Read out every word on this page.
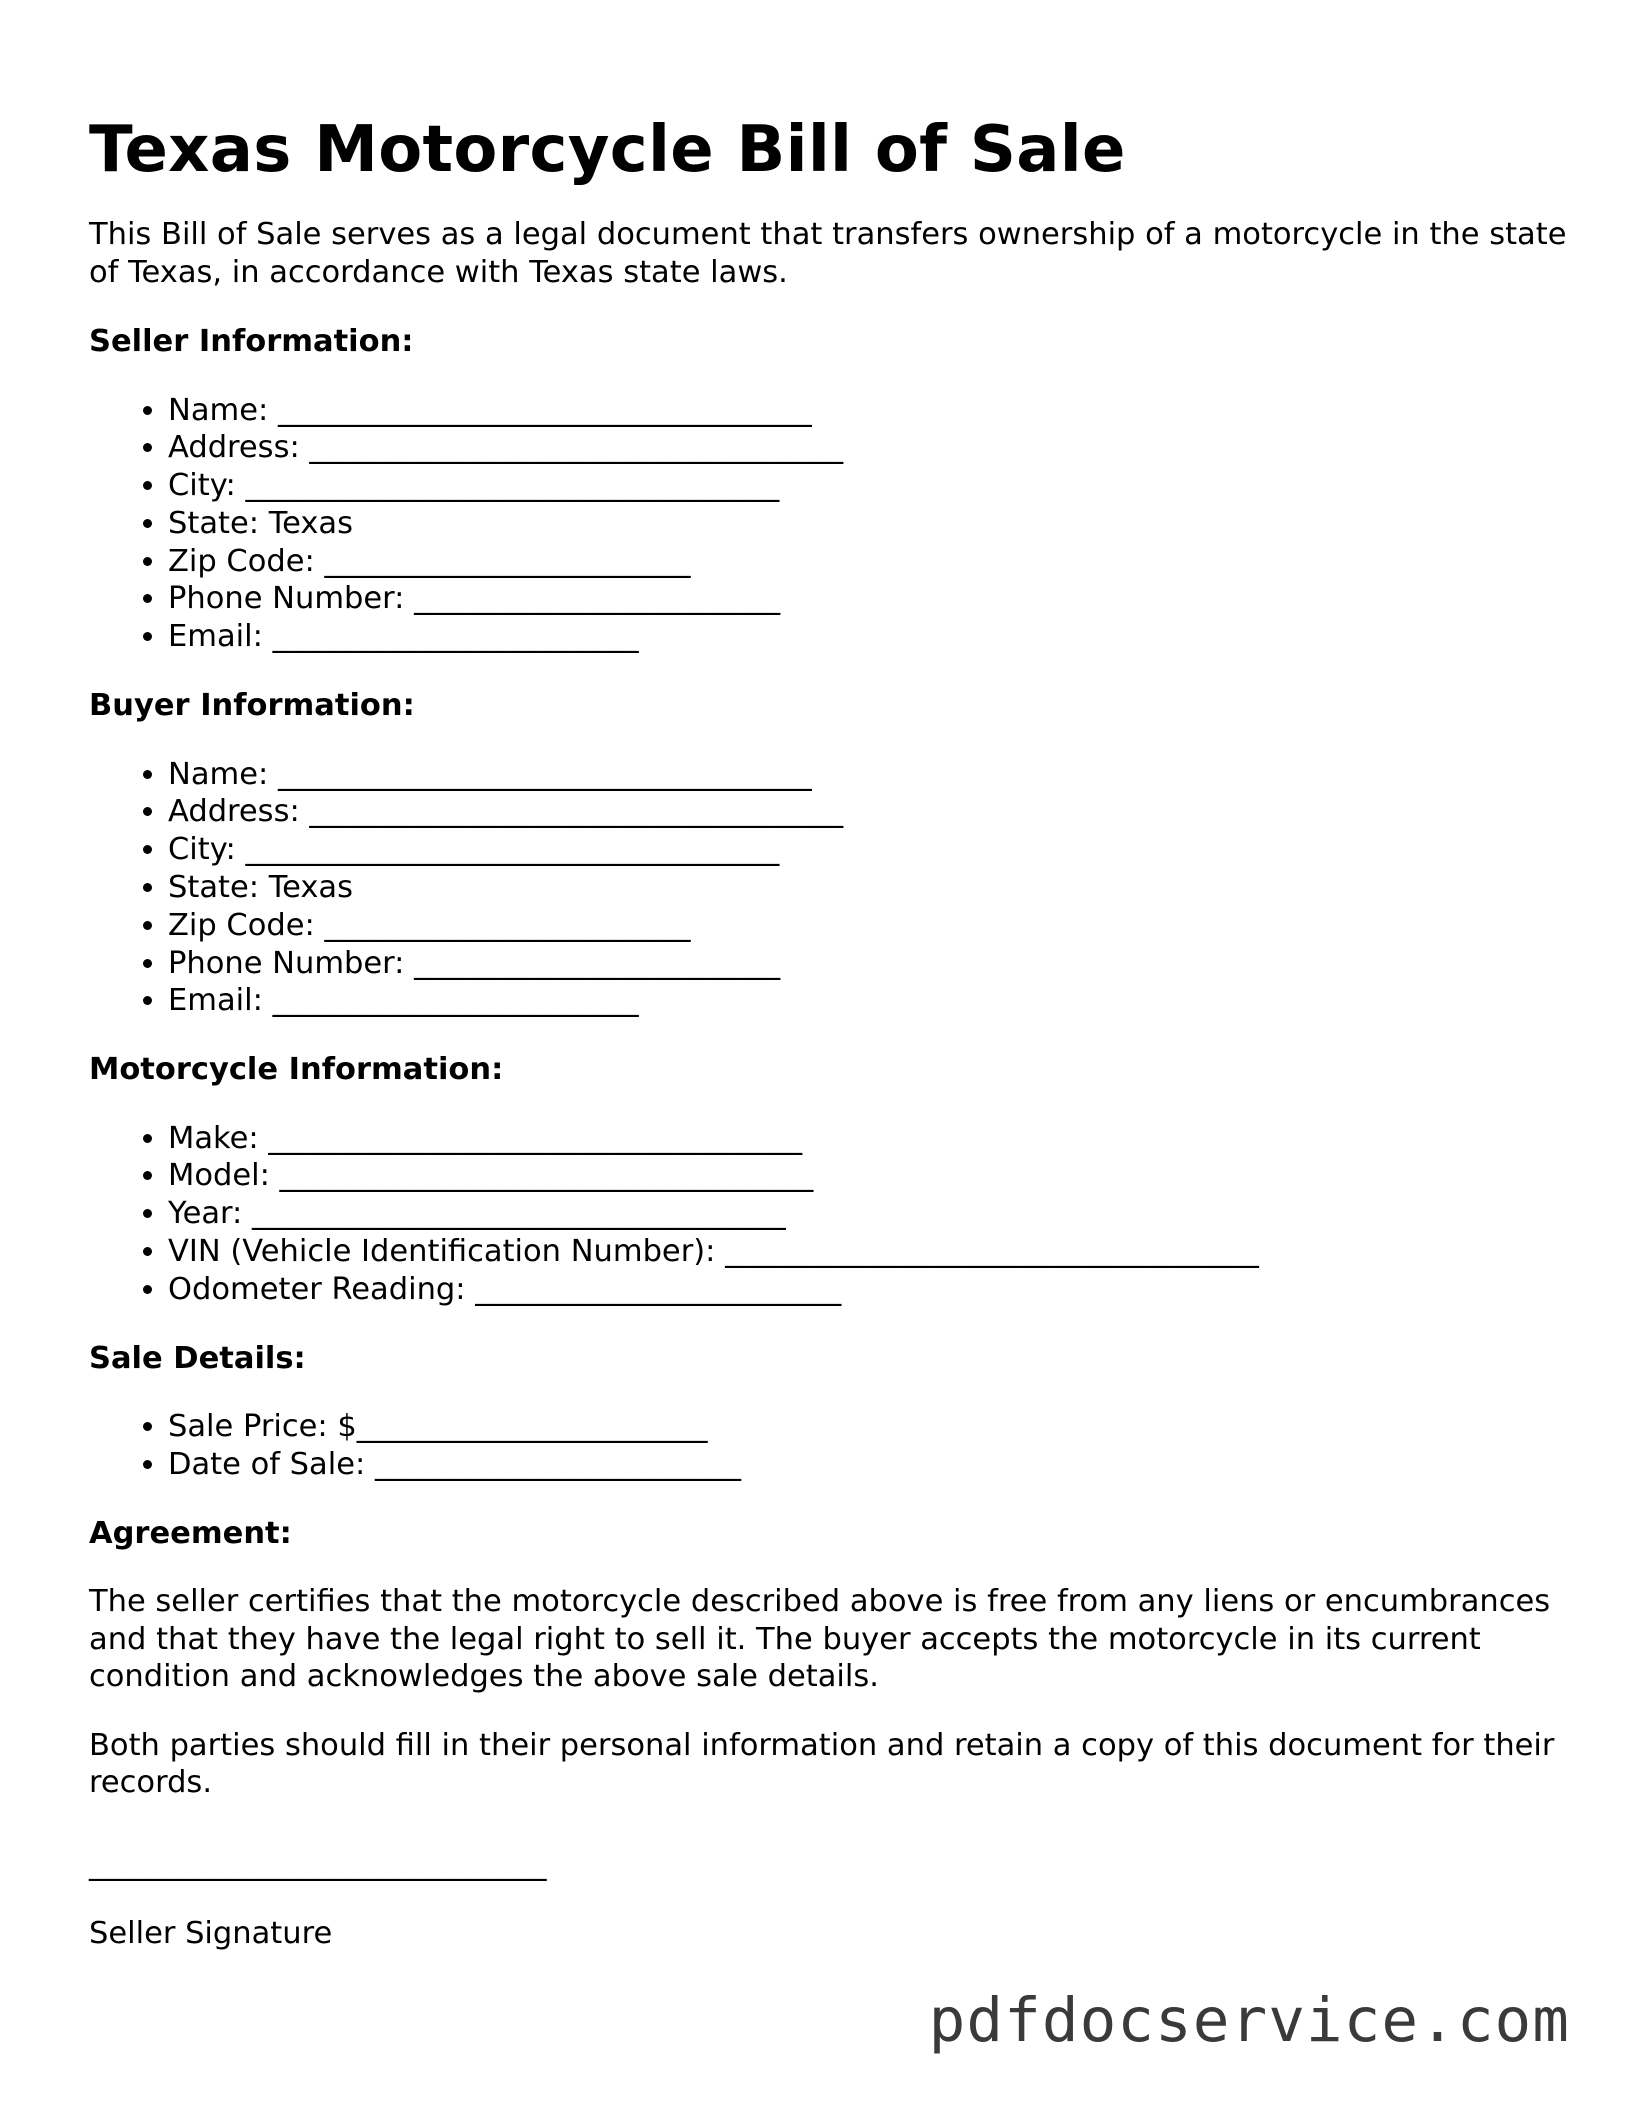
Texas Motorcycle Bill of Sale

This Bill of Sale serves as a legal document that transfers ownership of a motorcycle in the state of Texas, in accordance with Texas state laws.

Seller Information:
• Name: ___________________________________
• Address: ___________________________________
• City: ___________________________________
• State: Texas
• Zip Code: ________________________
• Phone Number: ________________________
• Email: ________________________
Buyer Information:
• Name: ___________________________________
• Address: ___________________________________
• City: ___________________________________
• State: Texas
• Zip Code: ________________________
• Phone Number: ________________________
• Email: ________________________
Motorcycle Information:
• Make: ___________________________________
• Model: ___________________________________
• Year: ___________________________________
• VIN (Vehicle Identification Number): ___________________________________
• Odometer Reading: ________________________
Sale Details:
• Sale Price: $_______________________
• Date of Sale: ________________________
Agreement:

The seller certifies that the motorcycle described above is free from any liens or encumbrances and that they have the legal right to sell it. The buyer accepts the motorcycle in its current condition and acknowledges the above sale details.

Both parties should fill in their personal information and retain a copy of this document for their records.

______________________________
Seller Signature
pdfdocservice.com
